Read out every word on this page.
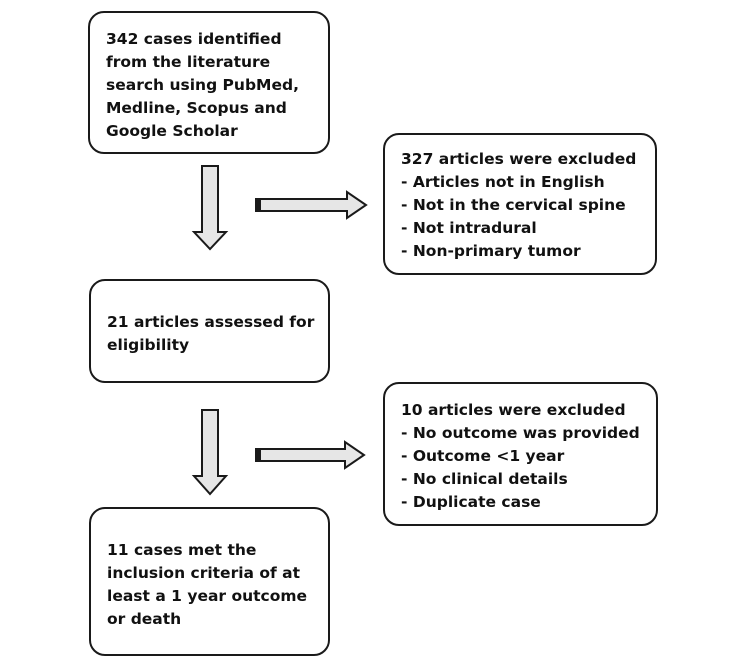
342 cases identified
from the literature
search using PubMed,
Medline, Scopus and
Google Scholar
327 articles were excluded
- Articles not in English
- Not in the cervical spine
- Not intradural
- Non-primary tumor
21 articles assessed for
eligibility
10 articles were excluded
- No outcome was provided
- Outcome <1 year
- No clinical details
- Duplicate case
11 cases met the
inclusion criteria of at
least a 1 year outcome
or death
